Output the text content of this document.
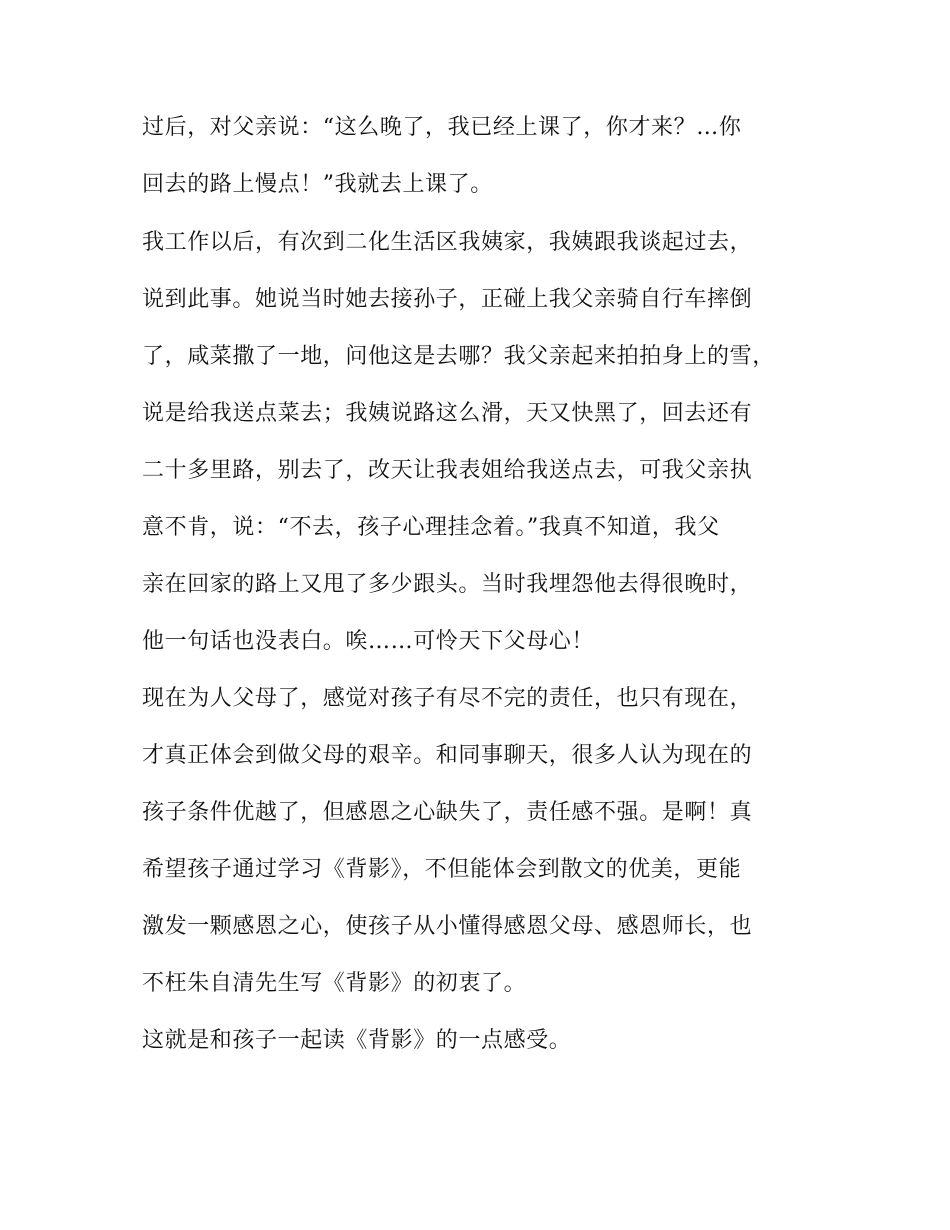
过后，对父亲说：“这么晚了，我已经上课了，你才来？…你
回去的路上慢点！”我就去上课了。
我工作以后，有次到二化生活区我姨家，我姨跟我谈起过去，
说到此事。她说当时她去接孙子，正碰上我父亲骑自行车摔倒
了，咸菜撒了一地，问他这是去哪？我父亲起来拍拍身上的雪，
说是给我送点菜去；我姨说路这么滑，天又快黑了，回去还有
二十多里路，别去了，改天让我表姐给我送点去，可我父亲执
意不肯，说：“不去，孩子心理挂念着。”我真不知道，我父
亲在回家的路上又甩了多少跟头。当时我埋怨他去得很晚时，
他一句话也没表白。唉……可怜天下父母心！
现在为人父母了，感觉对孩子有尽不完的责任，也只有现在，
才真正体会到做父母的艰辛。和同事聊天，很多人认为现在的
孩子条件优越了，但感恩之心缺失了，责任感不强。是啊！真
希望孩子通过学习《背影》，不但能体会到散文的优美，更能
激发一颗感恩之心，使孩子从小懂得感恩父母、感恩师长，也
不枉朱自清先生写《背影》的初衷了。
这就是和孩子一起读《背影》的一点感受。
